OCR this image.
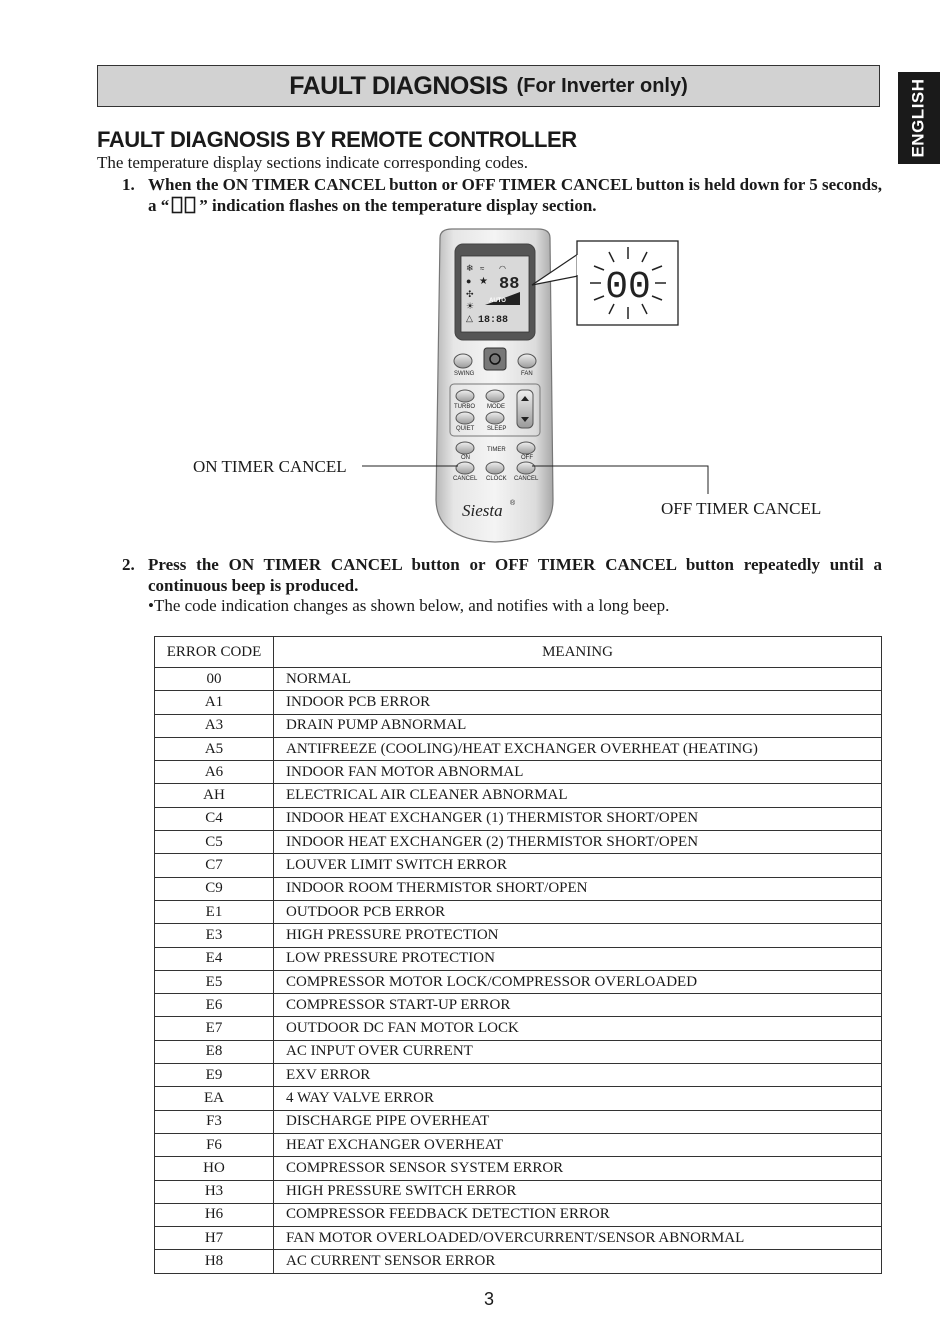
FAULT DIAGNOSIS (For Inverter only)	ENGLISH
FAULT DIAGNOSIS BY REMOTE CONTROLLER
The temperature display sections indicate corresponding codes.
1. When the ON TIMER CANCEL button or OFF TIMER CANCEL button is held down for 5 seconds, a “ ” indication flashes on the temperature display section.
❄ ≈ ◠
● ★
✣
☀
△
88
AUTO
18:88
SWING	FAN
TURBO MODE
QUIET SLEEP
TIMER
ON	OFF
CANCEL CLOCK CANCEL
Siesta ®
00
ON TIMER CANCEL
OFF TIMER CANCEL
2. Press the ON TIMER CANCEL button or OFF TIMER CANCEL button repeatedly until a continuous beep is produced.
•The code indication changes as shown below, and notifies with a long beep.
ERROR CODE	MEANING
00	NORMAL
A1	INDOOR PCB ERROR
A3	DRAIN PUMP ABNORMAL
A5	ANTIFREEZE (COOLING)/HEAT EXCHANGER OVERHEAT (HEATING)
A6	INDOOR FAN MOTOR ABNORMAL
AH	ELECTRICAL AIR CLEANER ABNORMAL
C4	INDOOR HEAT EXCHANGER (1) THERMISTOR SHORT/OPEN
C5	INDOOR HEAT EXCHANGER (2) THERMISTOR SHORT/OPEN
C7	LOUVER LIMIT SWITCH ERROR
C9	INDOOR ROOM THERMISTOR SHORT/OPEN
E1	OUTDOOR PCB ERROR
E3	HIGH PRESSURE PROTECTION
E4	LOW PRESSURE PROTECTION
E5	COMPRESSOR MOTOR LOCK/COMPRESSOR OVERLOADED
E6	COMPRESSOR START-UP ERROR
E7	OUTDOOR DC FAN MOTOR LOCK
E8	AC INPUT OVER CURRENT
E9	EXV ERROR
EA	4 WAY VALVE ERROR
F3	DISCHARGE PIPE OVERHEAT
F6	HEAT EXCHANGER OVERHEAT
HO	COMPRESSOR SENSOR SYSTEM ERROR
H3	HIGH PRESSURE SWITCH ERROR
H6	COMPRESSOR FEEDBACK DETECTION ERROR
H7	FAN MOTOR OVERLOADED/OVERCURRENT/SENSOR ABNORMAL
H8	AC CURRENT SENSOR ERROR
3
